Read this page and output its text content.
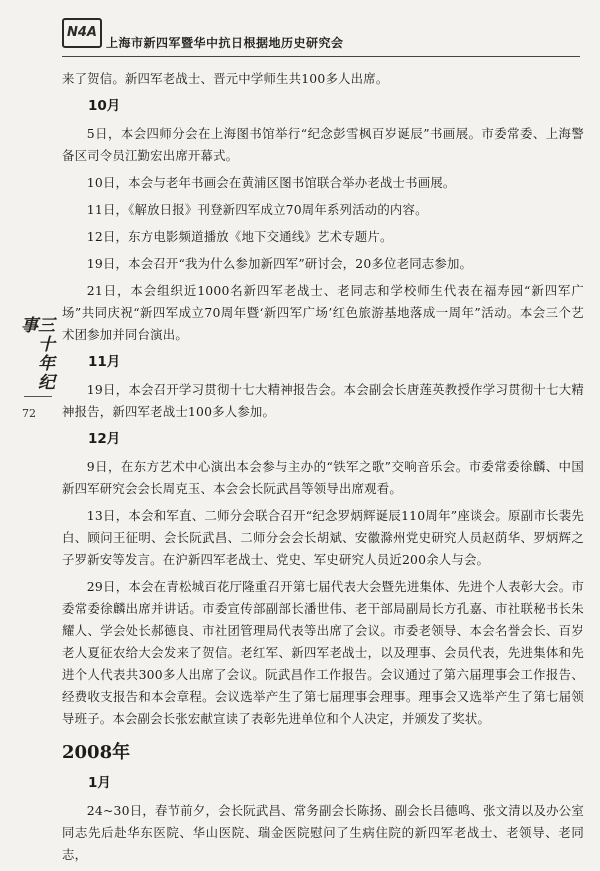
N4A
上海市新四军暨华中抗日根据地历史研究会
三十年纪事
72

来了贺信。新四军老战士、晋元中学师生共100多人出席。

10月

5日，本会四师分会在上海图书馆举行“纪念彭雪枫百岁诞辰”书画展。市委常委、上海警备区司令员江勤宏出席开幕式。

10日，本会与老年书画会在黄浦区图书馆联合举办老战士书画展。

11日，《解放日报》刊登新四军成立70周年系列活动的内容。

12日，东方电影频道播放《地下交通线》艺术专题片。

19日，本会召开“我为什么参加新四军”研讨会，20多位老同志参加。

21日，本会组织近1000名新四军老战士、老同志和学校师生代表在福寿园“新四军广场”共同庆祝“新四军成立70周年暨‘新四军广场’红色旅游基地落成一周年”活动。本会三个艺术团参加并同台演出。

11月

19日，本会召开学习贯彻十七大精神报告会。本会副会长唐莲英教授作学习贯彻十七大精神报告，新四军老战士100多人参加。

12月

9日，在东方艺术中心演出本会参与主办的“铁军之歌”交响音乐会。市委常委徐麟、中国新四军研究会会长周克玉、本会会长阮武昌等领导出席观看。

13日，本会和军直、二师分会联合召开“纪念罗炳辉诞辰110周年”座谈会。原副市长裴先白、顾问王征明、会长阮武昌、二师分会会长胡斌、安徽滁州党史研究人员赵荫华、罗炳辉之子罗新安等发言。在沪新四军老战士、党史、军史研究人员近200余人与会。

29日，本会在青松城百花厅隆重召开第七届代表大会暨先进集体、先进个人表彰大会。市委常委徐麟出席并讲话。市委宣传部副部长潘世伟、老干部局副局长方孔嘉、市社联秘书长朱耀人、学会处长郝德良、市社团管理局代表等出席了会议。市委老领导、本会名誉会长、百岁老人夏征农给大会发来了贺信。老红军、新四军老战士，以及理事、会员代表，先进集体和先进个人代表共300多人出席了会议。阮武昌作工作报告。会议通过了第六届理事会工作报告、经费收支报告和本会章程。会议选举产生了第七届理事会理事。理事会又选举产生了第七届领导班子。本会副会长张宏献宣读了表彰先进单位和个人决定，并颁发了奖状。

2008年
1月

24~30日，春节前夕，会长阮武昌、常务副会长陈扬、副会长吕德鸣、张文清以及办公室同志先后赴华东医院、华山医院、瑞金医院慰问了生病住院的新四军老战士、老领导、老同志，
